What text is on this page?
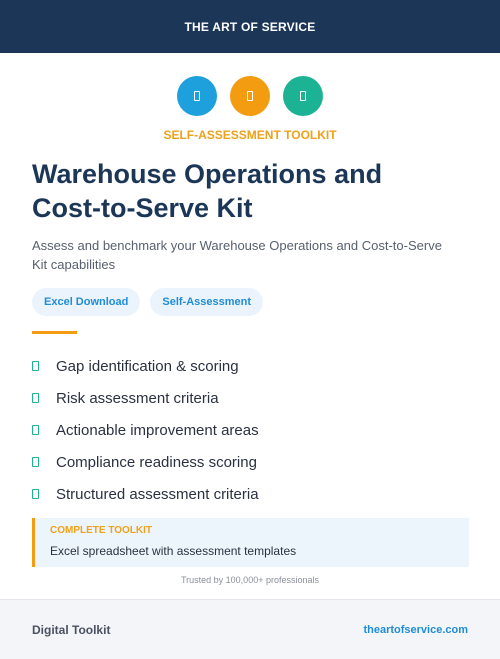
THE ART OF SERVICE
SELF-ASSESSMENT TOOLKIT
Warehouse Operations and
Cost-to-Serve Kit

Assess and benchmark your Warehouse Operations and Cost-to-Serve Kit capabilities

Excel Download	Self-Assessment
Gap identification & scoring
Risk assessment criteria
Actionable improvement areas
Compliance readiness scoring
Structured assessment criteria
COMPLETE TOOLKIT
Excel spreadsheet with assessment templates
Trusted by 100,000+ professionals
Digital Toolkit	theartofservice.com
